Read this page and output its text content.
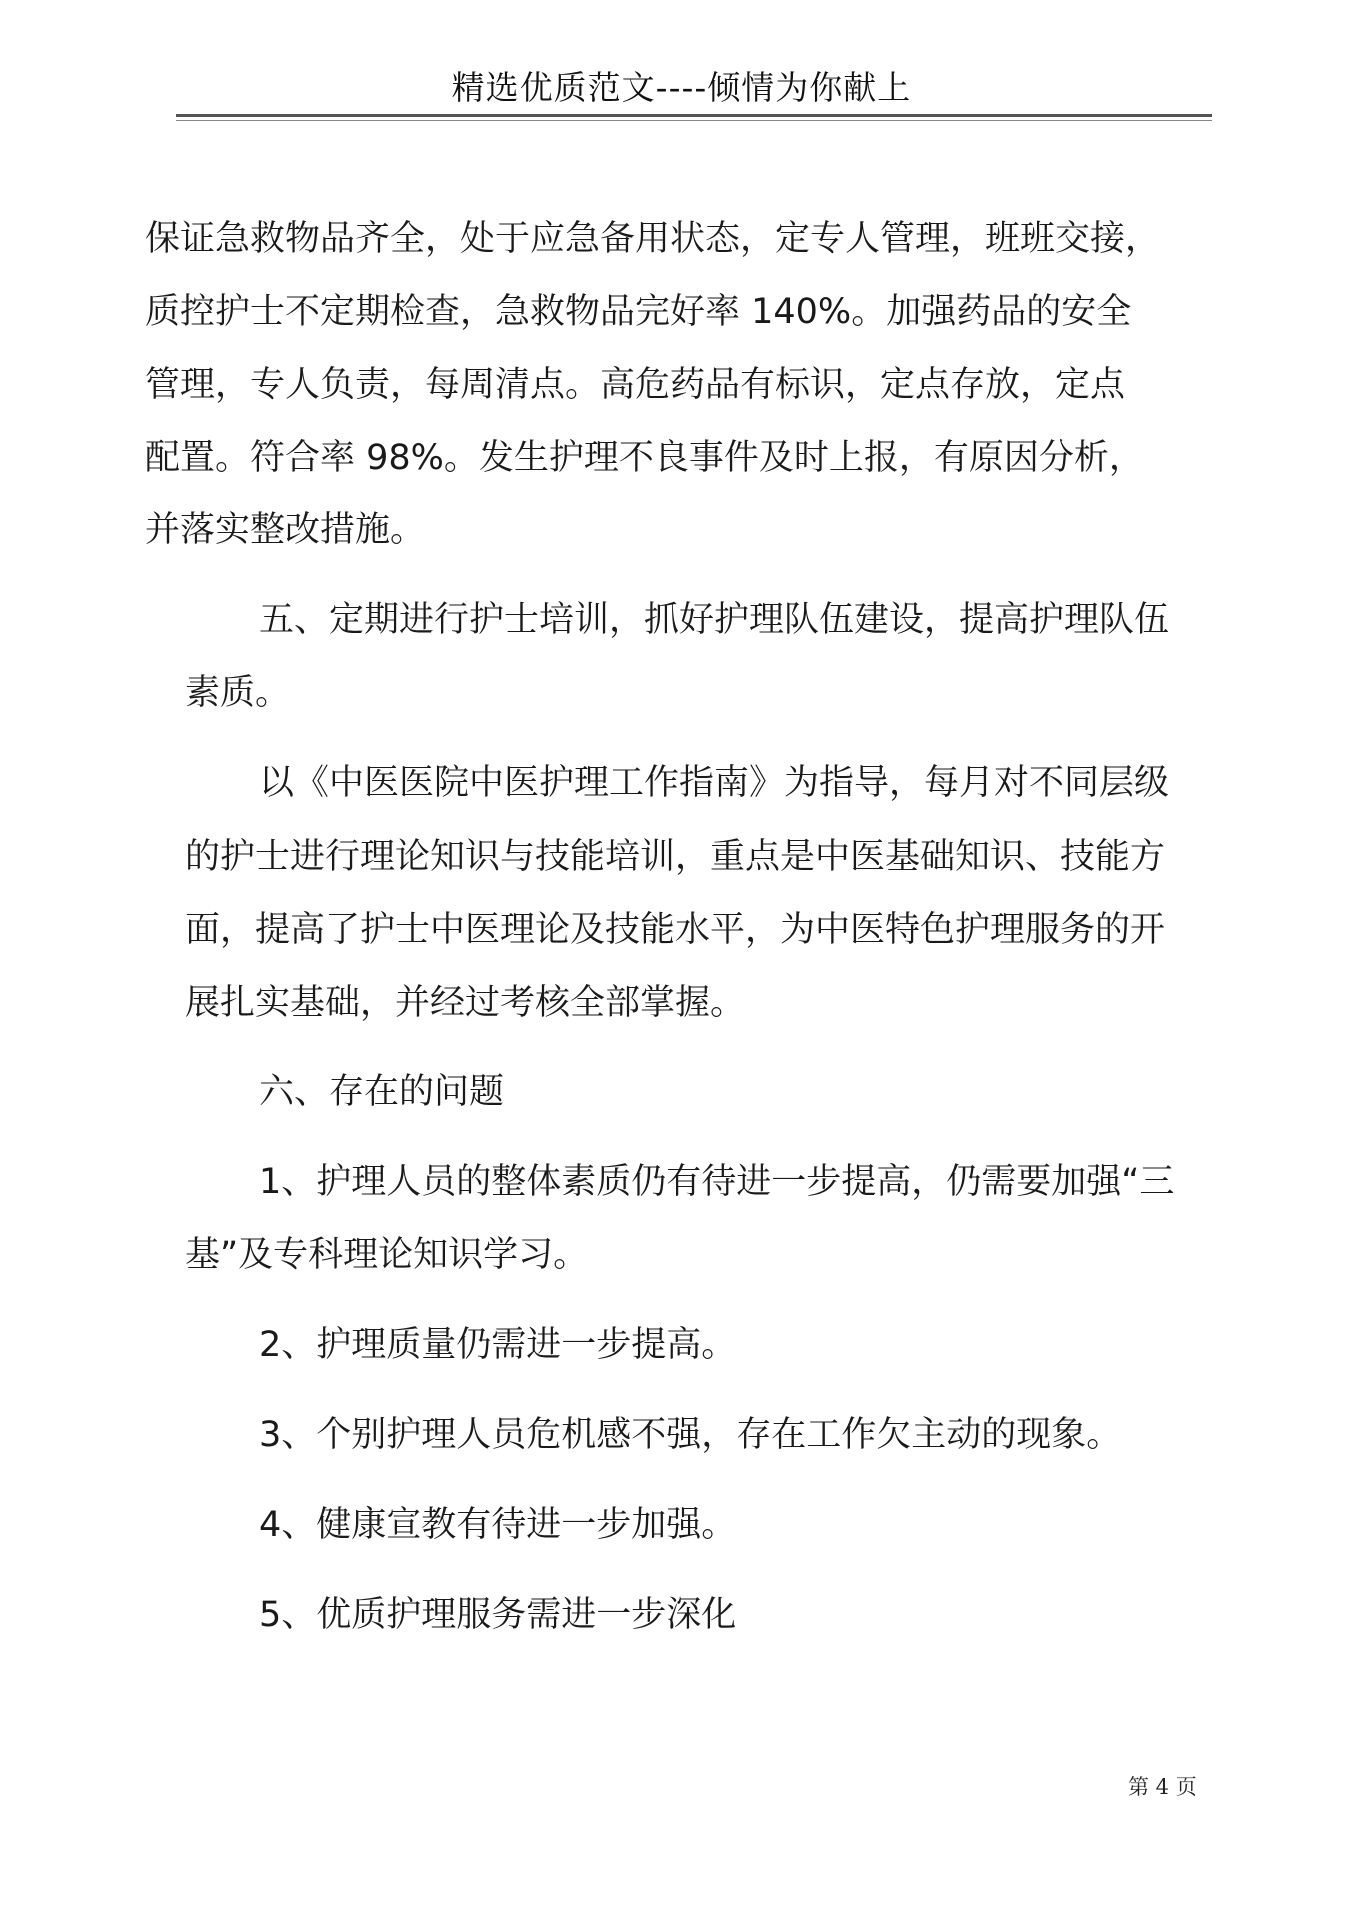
精选优质范文----倾情为你献上
保证急救物品齐全，处于应急备用状态，定专人管理，班班交接，
质控护士不定期检查，急救物品完好率 140%。加强药品的安全
管理，专人负责，每周清点。高危药品有标识，定点存放，定点
配置。符合率 98%。发生护理不良事件及时上报，有原因分析，
并落实整改措施。
五、定期进行护士培训，抓好护理队伍建设，提高护理队伍
素质。
以《中医医院中医护理工作指南》为指导，每月对不同层级
的护士进行理论知识与技能培训，重点是中医基础知识、技能方
面，提高了护士中医理论及技能水平，为中医特色护理服务的开
展扎实基础，并经过考核全部掌握。
六、存在的问题
1、护理人员的整体素质仍有待进一步提高，仍需要加强“三
基”及专科理论知识学习。
2、护理质量仍需进一步提高。
3、个别护理人员危机感不强，存在工作欠主动的现象。
4、健康宣教有待进一步加强。
5、优质护理服务需进一步深化
第 4 页
